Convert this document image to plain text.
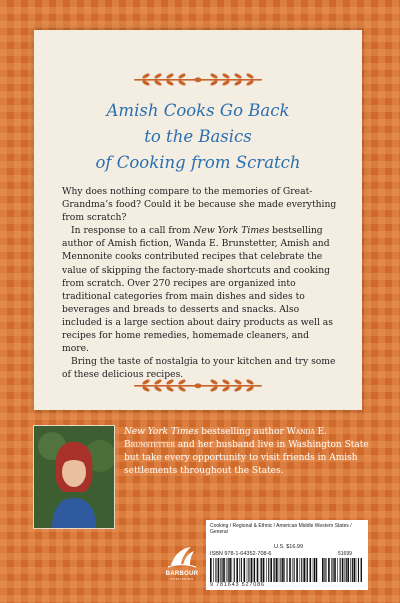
Amish Cooks Go Back
to the Basics
of Cooking from Scratch

Why does nothing compare to the memories of Great-Grandma’s food? Could it be because she made everything from scratch?

In response to a call from New York Times bestselling author of Amish fiction, Wanda E. Brunstetter, Amish and Mennonite cooks contributed recipes that celebrate the value of skipping the factory-made shortcuts and cooking from scratch. Over 270 recipes are organized into traditional categories from main dishes and sides to beverages and breads to desserts and snacks. Also included is a large section about dairy products as well as recipes for home remedies, homemade cleaners, and more.

Bring the taste of nostalgia to your kitchen and try some of these delicious recipes.

New York Times bestselling author Wanda E. Brunstetter and her husband live in Washington State but take every opportunity to visit friends in Amish settlements throughout the States.

BARBOUR
PUBLISHING
Cooking / Regional & Ethnic / American Middle Western States / General
U.S. $16.99
ISBN 978-1-64352-708-6	51699
9 781643 527086
